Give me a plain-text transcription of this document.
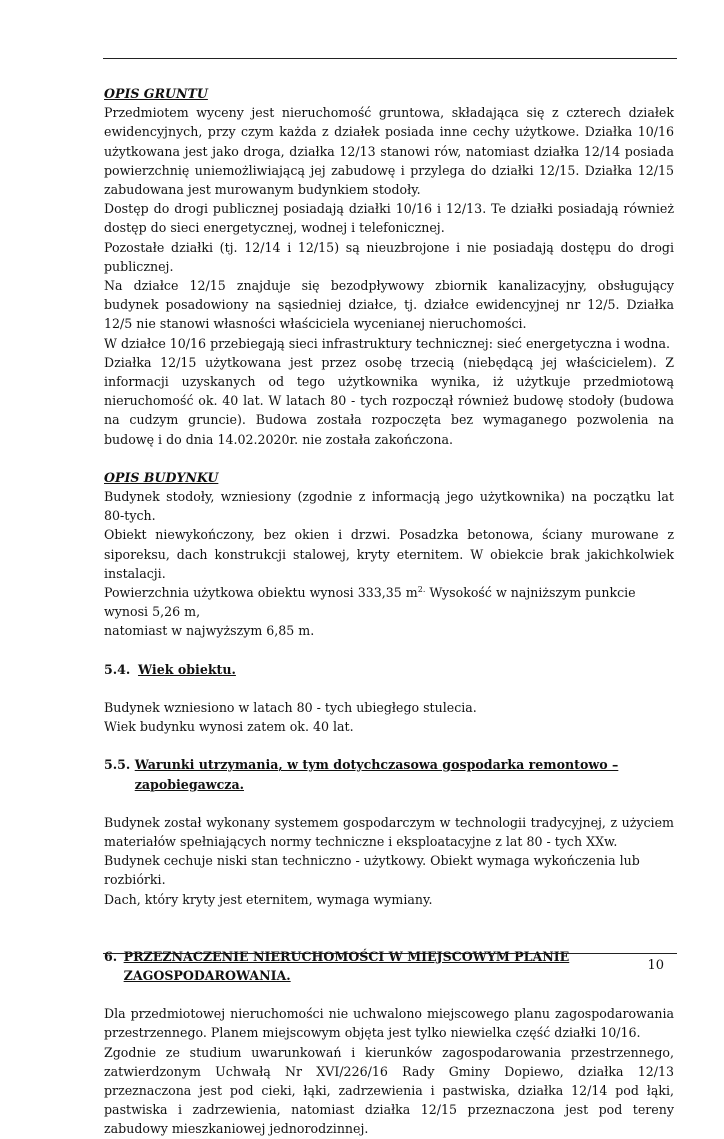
OPIS GRUNTU

Przedmiotem wyceny jest nieruchomość gruntowa, składająca się z czterech działek ewidencyjnych, przy czym każda z działek posiada inne cechy użytkowe. Działka 10/16 użytkowana jest jako droga, działka 12/13 stanowi rów, natomiast działka 12/14 posiada powierzchnię uniemożliwiającą jej zabudowę i przylega do działki 12/15. Działka 12/15 zabudowana jest murowanym budynkiem stodoły.

Dostęp do drogi publicznej posiadają działki 10/16 i 12/13. Te działki posiadają również dostęp do sieci energetycznej, wodnej i telefonicznej.

Pozostałe działki (tj. 12/14 i 12/15) są nieuzbrojone i nie posiadają dostępu do drogi publicznej.

Na działce 12/15 znajduje się bezodpływowy zbiornik kanalizacyjny, obsługujący budynek posadowiony na sąsiedniej działce, tj. działce ewidencyjnej nr 12/5. Działka 12/5 nie stanowi własności właściciela wycenianej nieruchomości.

W działce 10/16 przebiegają sieci infrastruktury technicznej: sieć energetyczna i wodna.

Działka 12/15 użytkowana jest przez osobę trzecią (niebędącą jej właścicielem). Z informacji uzyskanych od tego użytkownika wynika, iż użytkuje przedmiotową nieruchomość ok. 40 lat. W latach 80 - tych rozpoczął również budowę stodoły (budowa na cudzym gruncie). Budowa została rozpoczęta bez wymaganego pozwolenia na budowę i do dnia 14.02.2020r. nie została zakończona.

OPIS BUDYNKU

Budynek stodoły, wzniesiony (zgodnie z informacją jego użytkownika) na początku lat 80-tych.

Obiekt niewykończony, bez okien i drzwi. Posadzka betonowa, ściany murowane z siporeksu, dach konstrukcji stalowej, kryty eternitem. W obiekcie brak jakichkolwiek instalacji.

Powierzchnia użytkowa obiektu wynosi 333,35 $m^{2.}$ Wysokość w najniższym punkcie wynosi 5,26 m,

natomiast w najwyższym 6,85 m.

5.4. Wiek obiektu.

Budynek wzniesiono w latach 80 - tych ubiegłego stulecia.

Wiek budynku wynosi zatem ok. 40 lat.

5.5. Warunki utrzymania, w tym dotychczasowa gospodarka remontowo – zapobiegawcza.

Budynek został wykonany systemem gospodarczym w technologii tradycyjnej, z użyciem materiałów spełniających normy techniczne i eksploatacyjne z lat 80 - tych XXw.

Budynek cechuje niski stan techniczno - użytkowy. Obiekt wymaga wykończenia lub rozbiórki.

Dach, który kryty jest eternitem, wymaga wymiany.

6. PRZEZNACZENIE NIERUCHOMOŚCI W MIEJSCOWYM PLANIE ZAGOSPODAROWANIA.

Dla przedmiotowej nieruchomości nie uchwalono miejscowego planu zagospodarowania przestrzennego. Planem miejscowym objęta jest tylko niewielka część działki 10/16.

Zgodnie ze studium uwarunkowań i kierunków zagospodarowania przestrzennego, zatwierdzonym Uchwałą Nr XVI/226/16 Rady Gminy Dopiewo, działka 12/13 przeznaczona jest pod cieki, łąki, zadrzewienia i pastwiska, działka 12/14 pod łąki, pastwiska i zadrzewienia, natomiast działka 12/15 przeznaczona jest pod tereny zabudowy mieszkaniowej jednorodzinnej.

10
